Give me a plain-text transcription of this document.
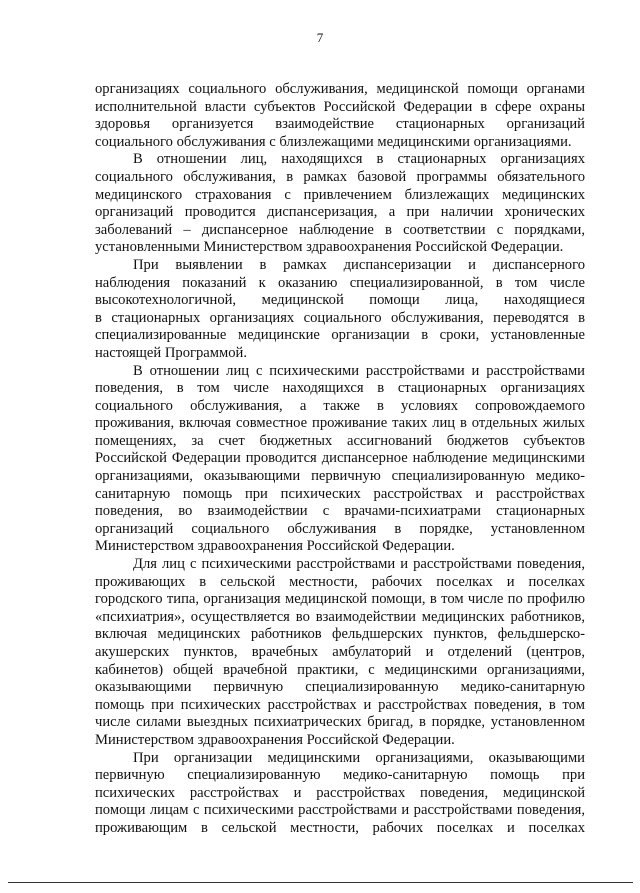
7
организациях социального обслуживания, медицинской помощи органами
исполнительной власти субъектов Российской Федерации в сфере охраны
здоровья организуется взаимодействие стационарных организаций
социального обслуживания с близлежащими медицинскими организациями.
В отношении лиц, находящихся в стационарных организациях
социального обслуживания, в рамках базовой программы обязательного
медицинского страхования с привлечением близлежащих медицинских
организаций проводится диспансеризация, а при наличии хронических
заболеваний – диспансерное наблюдение в соответствии с порядками,
установленными Министерством здравоохранения Российской Федерации.
При выявлении в рамках диспансеризации и диспансерного
наблюдения показаний к оказанию специализированной, в том числе
высокотехнологичной, медицинской помощи лица, находящиеся
в стационарных организациях социального обслуживания, переводятся в
специализированные медицинские организации в сроки, установленные
настоящей Программой.
В отношении лиц с психическими расстройствами и расстройствами
поведения, в том числе находящихся в стационарных организациях
социального обслуживания, а также в условиях сопровождаемого
проживания, включая совместное проживание таких лиц в отдельных жилых
помещениях, за счет бюджетных ассигнований бюджетов субъектов
Российской Федерации проводится диспансерное наблюдение медицинскими
организациями, оказывающими первичную специализированную медико-
санитарную помощь при психических расстройствах и расстройствах
поведения, во взаимодействии с врачами-психиатрами стационарных
организаций социального обслуживания в порядке, установленном
Министерством здравоохранения Российской Федерации.
Для лиц с психическими расстройствами и расстройствами поведения,
проживающих в сельской местности, рабочих поселках и поселках
городского типа, организация медицинской помощи, в том числе по профилю
«психиатрия», осуществляется во взаимодействии медицинских работников,
включая медицинских работников фельдшерских пунктов, фельдшерско-
акушерских пунктов, врачебных амбулаторий и отделений (центров,
кабинетов) общей врачебной практики, с медицинскими организациями,
оказывающими первичную специализированную медико-санитарную
помощь при психических расстройствах и расстройствах поведения, в том
числе силами выездных психиатрических бригад, в порядке, установленном
Министерством здравоохранения Российской Федерации.
При организации медицинскими организациями, оказывающими
первичную специализированную медико-санитарную помощь при
психических расстройствах и расстройствах поведения, медицинской
помощи лицам с психическими расстройствами и расстройствами поведения,
проживающим в сельской местности, рабочих поселках и поселках
